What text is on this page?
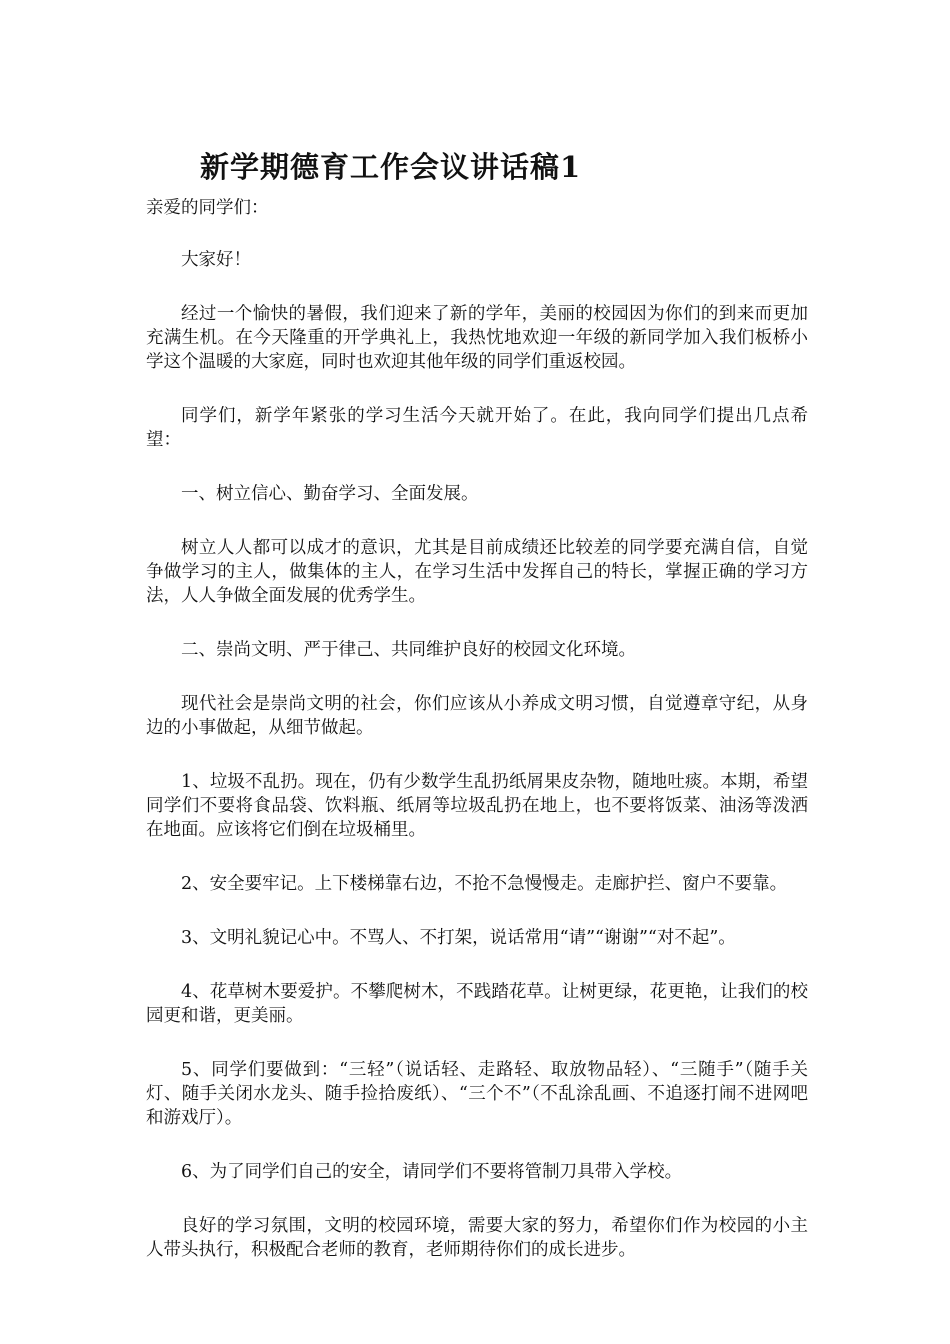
新学期德育工作会议讲话稿1

亲爱的同学们：

大家好！

经过一个愉快的暑假，我们迎来了新的学年，美丽的校园因为你们的到来而更加充满生机。在今天隆重的开学典礼上，我热忱地欢迎一年级的新同学加入我们板桥小学这个温暖的大家庭，同时也欢迎其他年级的同学们重返校园。

同学们，新学年紧张的学习生活今天就开始了。在此，我向同学们提出几点希望：

一、树立信心、勤奋学习、全面发展。

树立人人都可以成才的意识，尤其是目前成绩还比较差的同学要充满自信，自觉争做学习的主人，做集体的主人，在学习生活中发挥自己的特长，掌握正确的学习方法，人人争做全面发展的优秀学生。

二、崇尚文明、严于律己、共同维护良好的校园文化环境。

现代社会是崇尚文明的社会，你们应该从小养成文明习惯，自觉遵章守纪，从身边的小事做起，从细节做起。

1、垃圾不乱扔。现在，仍有少数学生乱扔纸屑果皮杂物，随地吐痰。本期，希望同学们不要将食品袋、饮料瓶、纸屑等垃圾乱扔在地上，也不要将饭菜、油汤等泼洒在地面。应该将它们倒在垃圾桶里。

2、安全要牢记。上下楼梯靠右边，不抢不急慢慢走。走廊护拦、窗户不要靠。

3、文明礼貌记心中。不骂人、不打架，说话常用“请”“谢谢”“对不起”。

4、花草树木要爱护。不攀爬树木，不践踏花草。让树更绿，花更艳，让我们的校园更和谐，更美丽。

5、同学们要做到：“三轻”（说话轻、走路轻、取放物品轻）、“三随手”（随手关灯、随手关闭水龙头、随手捡拾废纸）、“三个不”（不乱涂乱画、不追逐打闹不进网吧和游戏厅）。

6、为了同学们自己的安全，请同学们不要将管制刀具带入学校。

良好的学习氛围，文明的校园环境，需要大家的努力，希望你们作为校园的小主人带头执行，积极配合老师的教育，老师期待你们的成长进步。
